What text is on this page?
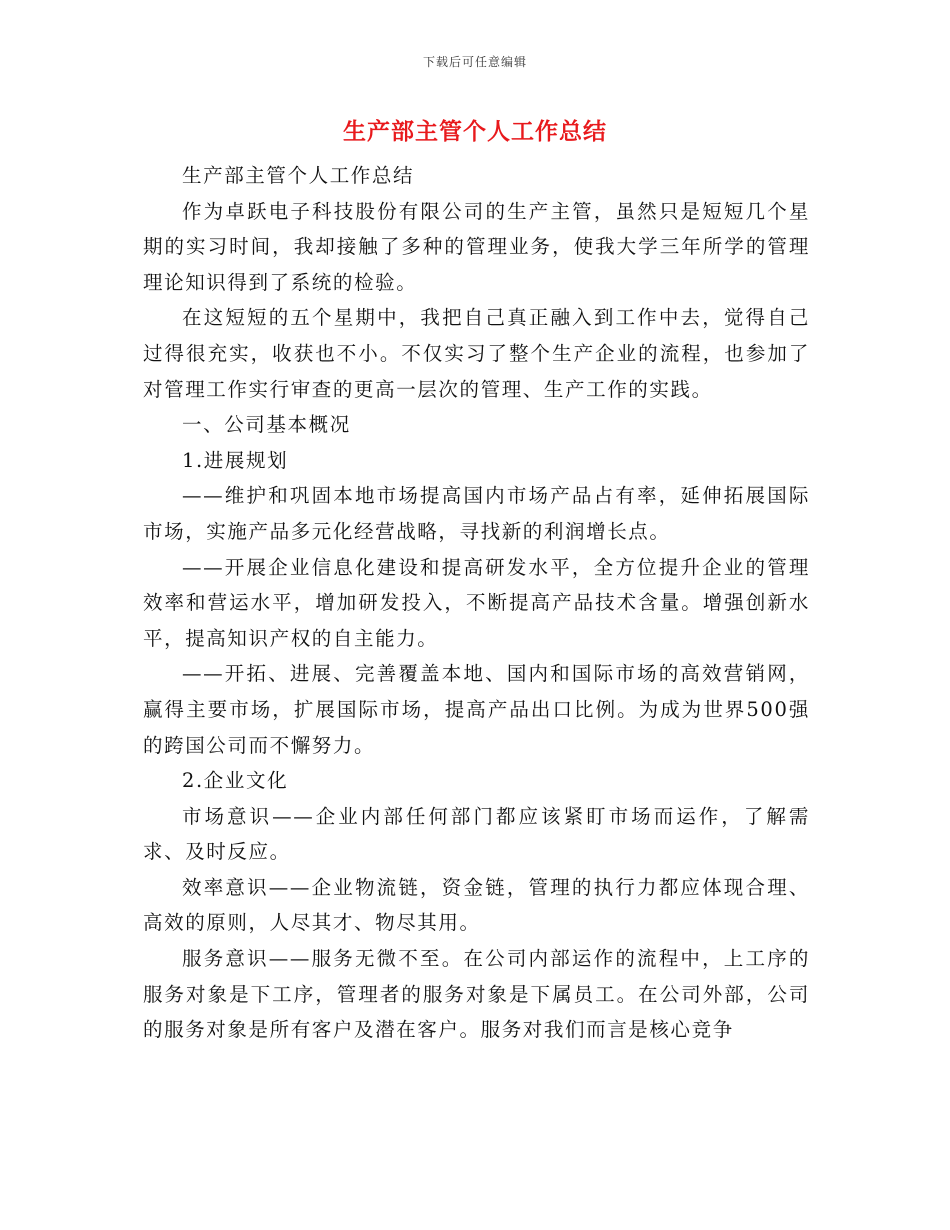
下载后可任意编辑
生产部主管个人工作总结

生产部主管个人工作总结

作为卓跃电子科技股份有限公司的生产主管，虽然只是短短几个星期的实习时间，我却接触了多种的管理业务，使我大学三年所学的管理理论知识得到了系统的检验。

在这短短的五个星期中，我把自己真正融入到工作中去，觉得自己过得很充实，收获也不小。不仅实习了整个生产企业的流程，也参加了对管理工作实行审查的更高一层次的管理、生产工作的实践。

一、公司基本概况

1.进展规划

——维护和巩固本地市场提高国内市场产品占有率，延伸拓展国际市场，实施产品多元化经营战略，寻找新的利润增长点。

——开展企业信息化建设和提高研发水平，全方位提升企业的管理效率和营运水平，增加研发投入，不断提高产品技术含量。增强创新水平，提高知识产权的自主能力。

——开拓、进展、完善覆盖本地、国内和国际市场的高效营销网，赢得主要市场，扩展国际市场，提高产品出口比例。为成为世界500强的跨国公司而不懈努力。

2.企业文化

市场意识——企业内部任何部门都应该紧盯市场而运作，了解需求、及时反应。

效率意识——企业物流链，资金链，管理的执行力都应体现合理、高效的原则，人尽其才、物尽其用。

服务意识——服务无微不至。在公司内部运作的流程中，上工序的服务对象是下工序，管理者的服务对象是下属员工。在公司外部，公司的服务对象是所有客户及潜在客户。服务对我们而言是核心竞争
